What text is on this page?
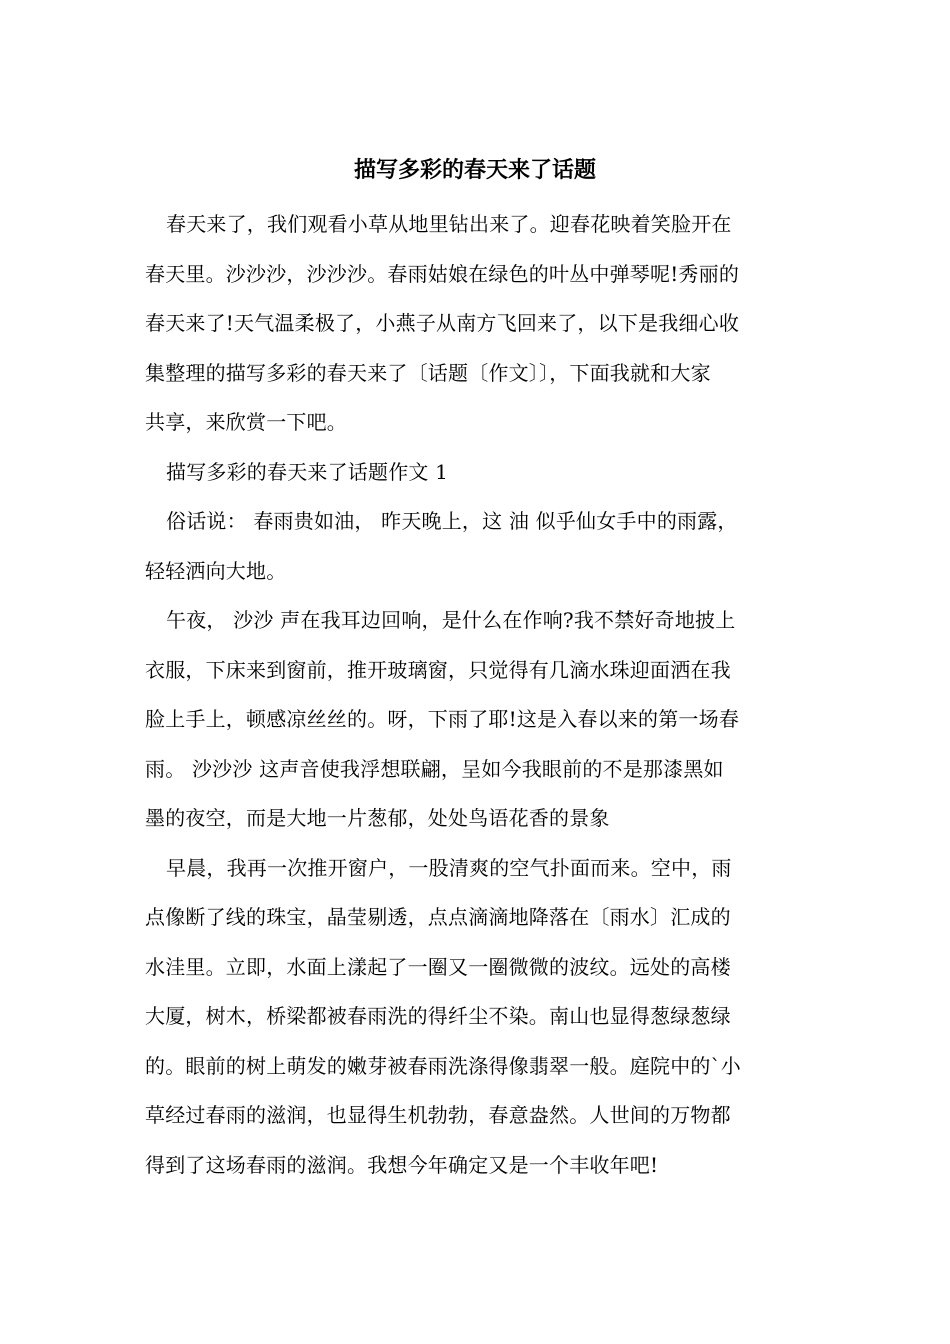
描写多彩的春天来了话题
春天来了，我们观看小草从地里钻出来了。迎春花映着笑脸开在
春天里。沙沙沙，沙沙沙。春雨姑娘在绿色的叶丛中弹琴呢!秀丽的
春天来了!天气温柔极了，小燕子从南方飞回来了，以下是我细心收
集整理的描写多彩的春天来了〔话题〔作文〕〕，下面我就和大家
共享，来欣赏一下吧。
描写多彩的春天来了话题作文 1
俗话说： 春雨贵如油， 昨天晚上，这 油 似乎仙女手中的雨露，
轻轻洒向大地。
午夜， 沙沙 声在我耳边回响，是什么在作响?我不禁好奇地披上
衣服，下床来到窗前，推开玻璃窗，只觉得有几滴水珠迎面洒在我
脸上手上，顿感凉丝丝的。呀，下雨了耶!这是入春以来的第一场春
雨。 沙沙沙 这声音使我浮想联翩，呈如今我眼前的不是那漆黑如
墨的夜空，而是大地一片葱郁，处处鸟语花香的景象
早晨，我再一次推开窗户，一股清爽的空气扑面而来。空中，雨
点像断了线的珠宝，晶莹剔透，点点滴滴地降落在〔雨水〕汇成的
水洼里。立即，水面上漾起了一圈又一圈微微的波纹。远处的高楼
大厦，树木，桥梁都被春雨洗的得纤尘不染。南山也显得葱绿葱绿
的。眼前的树上萌发的嫩芽被春雨洗涤得像翡翠一般。庭院中的`小
草经过春雨的滋润，也显得生机勃勃，春意盎然。人世间的万物都
得到了这场春雨的滋润。我想今年确定又是一个丰收年吧!
